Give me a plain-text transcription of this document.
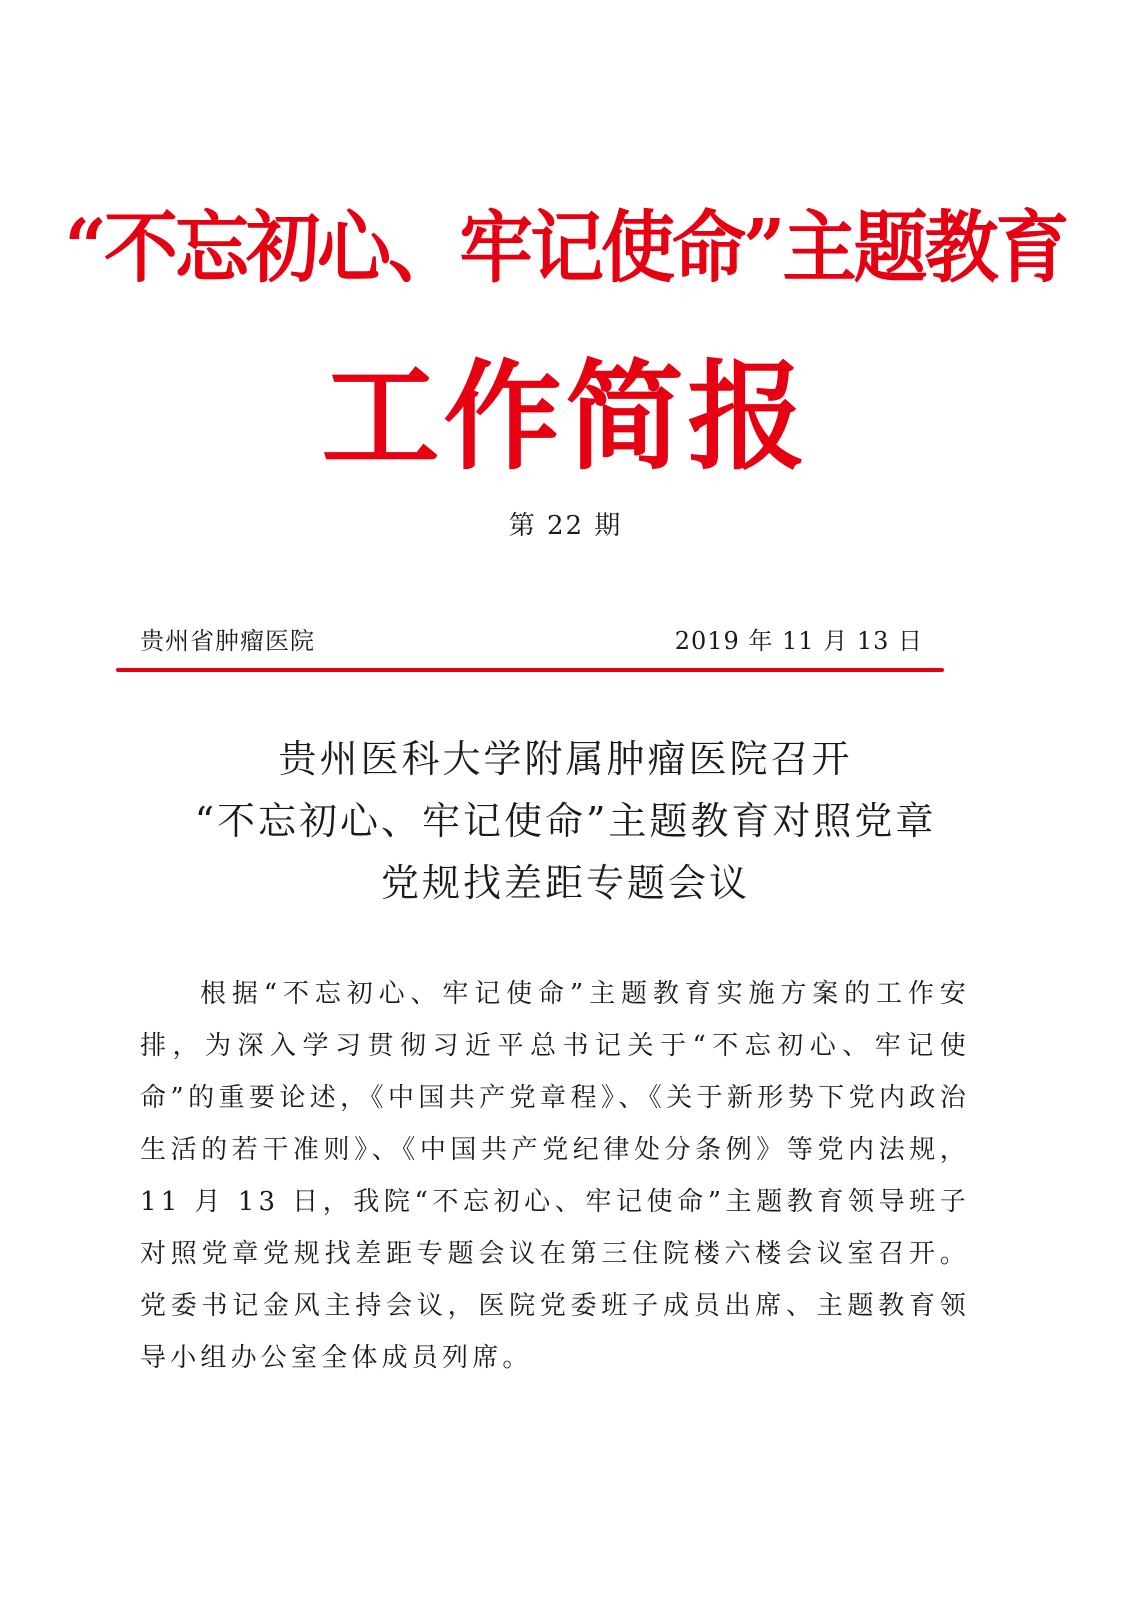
“不忘初心、牢记使命”主题教育
工作简报
第 22 期
贵州省肿瘤医院	2019 年 11 月 13 日
贵州医科大学附属肿瘤医院召开
“不忘初心、牢记使命”主题教育对照党章
党规找差距专题会议

根据“不忘初心、牢记使命”主题教育实施方案的工作安排，为深入学习贯彻习近平总书记关于“不忘初心、牢记使命”的重要论述，《中国共产党章程》、《关于新形势下党内政治生活的若干准则》、《中国共产党纪律处分条例》等党内法规，11 月 13 日，我院“不忘初心、牢记使命”主题教育领导班子对照党章党规找差距专题会议在第三住院楼六楼会议室召开。党委书记金风主持会议，医院党委班子成员出席、主题教育领导小组办公室全体成员列席。
